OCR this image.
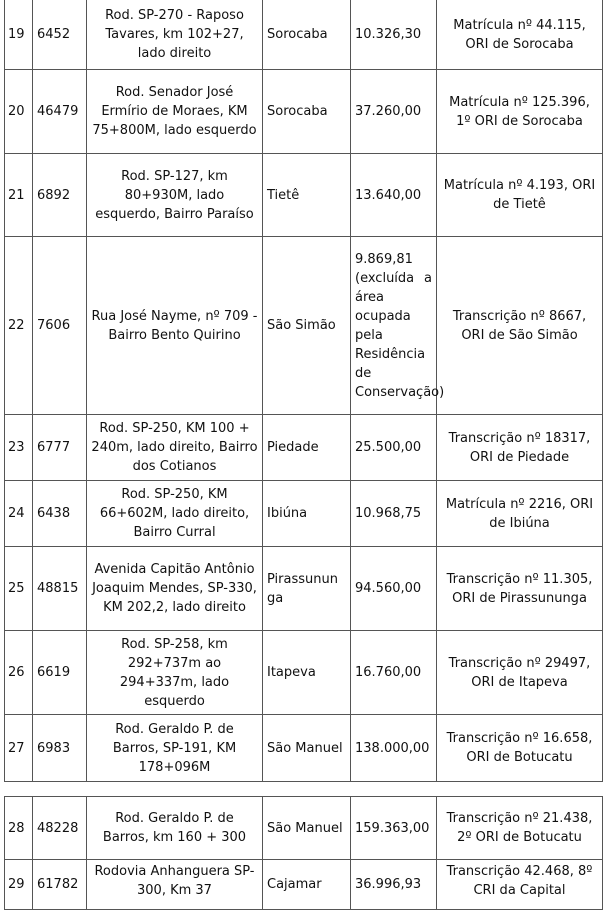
19	6452	Rod. SP-270 - Raposo Tavares, km 102+27, lado direito	Sorocaba	10.326,30	Matrícula nº 44.115, ORI de Sorocaba
20	46479	Rod. Senador José Ermírio de Moraes, KM 75+800M, lado esquerdo	Sorocaba	37.260,00	Matrícula nº 125.396, 1º ORI de Sorocaba
21	6892	Rod. SP-127, km 80+930M, lado esquerdo, Bairro Paraíso	Tietê	13.640,00	Matrícula nº 4.193, ORI de Tietê
22	7606	Rua José Nayme, nº 709 - Bairro Bento Quirino	São Simão	9.869,81 (excluída a área ocupada pela Residência de Conservação)	Transcrição nº 8667, ORI de São Simão
23	6777	Rod. SP-250, KM 100 + 240m, lado direito, Bairro dos Cotianos	Piedade	25.500,00	Transcrição nº 18317, ORI de Piedade
24	6438	Rod. SP-250, KM 66+602M, lado direito, Bairro Curral	Ibiúna	10.968,75	Matrícula nº 2216, ORI de Ibiúna
25	48815	Avenida Capitão Antônio Joaquim Mendes, SP-330, KM 202,2, lado direito	Pirassununga	94.560,00	Transcrição nº 11.305, ORI de Pirassununga
26	6619	Rod. SP-258, km 292+737m ao 294+337m, lado esquerdo	Itapeva	16.760,00	Transcrição nº 29497, ORI de Itapeva
27	6983	Rod. Geraldo P. de Barros, SP-191, KM 178+096M	São Manuel	138.000,00	Transcrição nº 16.658, ORI de Botucatu
28	48228	Rod. Geraldo P. de Barros, km 160 + 300	São Manuel	159.363,00	Transcrição nº 21.438, 2º ORI de Botucatu
29	61782	Rodovia Anhanguera SP-300, Km 37	Cajamar	36.996,93	Transcrição 42.468, 8º CRI da Capital
